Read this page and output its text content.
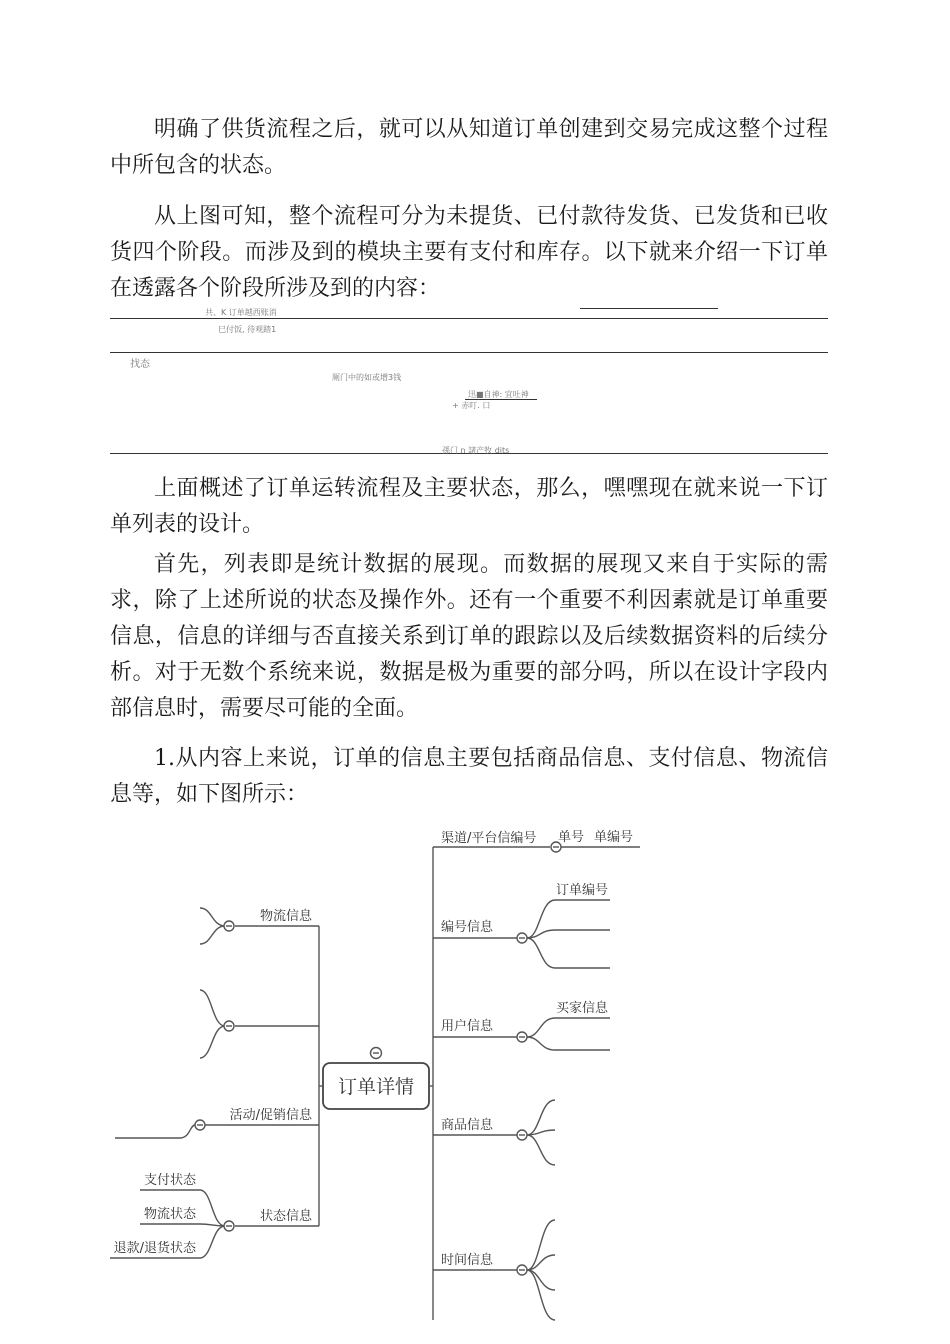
明确了供货流程之后，就可以从知道订单创建到交易完成这整个过程中所包含的状态。

从上图可知，整个流程可分为未提货、已付款待发货、已发货和已收货四个阶段。而涉及到的模块主要有支付和库存。以下就来介绍一下订单在透露各个阶段所涉及到的内容：

共、K 订单越西账消
巳付饭, 待观踏1
找态
厕门中的如或增3钱
迅■自神: 宜吐神
+ 赤叮. 口
孫门 n 諸产牧 dits

上面概述了订单运转流程及主要状态，那么，嘿嘿现在就来说一下订单列表的设计。

首先，列表即是统计数据的展现。而数据的展现又来自于实际的需求，除了上述所说的状态及操作外。还有一个重要不利因素就是订单重要信息，信息的详细与否直接关系到订单的跟踪以及后续数据资料的后续分析。对于无数个系统来说，数据是极为重要的部分吗，所以在设计字段内部信息时，需要尽可能的全面。

1.从内容上来说，订单的信息主要包括商品信息、支付信息、物流信息等，如下图所示：

订单详情
渠道/平台信编号
编号信息
用户信息
商品信息
时间信息
单号 单编号
订单编号
买家信息
物流信息
活动/促销信息
状态信息
支付状态
物流状态
退款/退货状态
